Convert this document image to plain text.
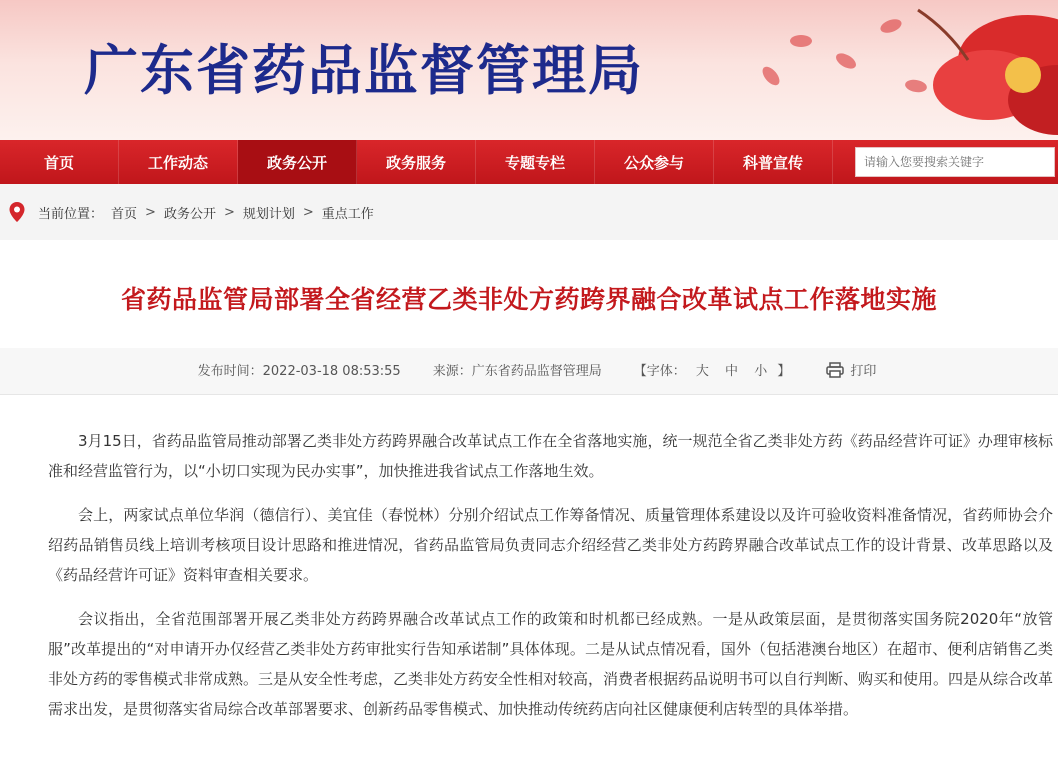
广东省药品监督管理局
首页	工作动态	政务公开	政务服务	专题专栏	公众参与	科普宣传
请输入您要搜索关键字
当前位置： 首页 > 政务公开 > 规划计划 > 重点工作
省药品监管局部署全省经营乙类非处方药跨界融合改革试点工作落地实施
发布时间：2022-03-18 08:53:55 来源：广东省药品监督管理局 【字体： 大 中 小 】	打印

3月15日，省药品监管局推动部署乙类非处方药跨界融合改革试点工作在全省落地实施，统一规范全省乙类非处方药《药品经营许可证》办理审核标准和经营监管行为，以“小切口实现为民办实事”，加快推进我省试点工作落地生效。

会上，两家试点单位华润（德信行）、美宜佳（春悦林）分别介绍试点工作筹备情况、质量管理体系建设以及许可验收资料准备情况，省药师协会介绍药品销售员线上培训考核项目设计思路和推进情况，省药品监管局负责同志介绍经营乙类非处方药跨界融合改革试点工作的设计背景、改革思路以及《药品经营许可证》资料审查相关要求。

会议指出，全省范围部署开展乙类非处方药跨界融合改革试点工作的政策和时机都已经成熟。一是从政策层面，是贯彻落实国务院2020年“放管服”改革提出的“对申请开办仅经营乙类非处方药审批实行告知承诺制”具体体现。二是从试点情况看，国外（包括港澳台地区）在超市、便利店销售乙类非处方药的零售模式非常成熟。三是从安全性考虑，乙类非处方药安全性相对较高，消费者根据药品说明书可以自行判断、购买和使用。四是从综合改革需求出发，是贯彻落实省局综合改革部署要求、创新药品零售模式、加快推动传统药店向社区健康便利店转型的具体举措。
